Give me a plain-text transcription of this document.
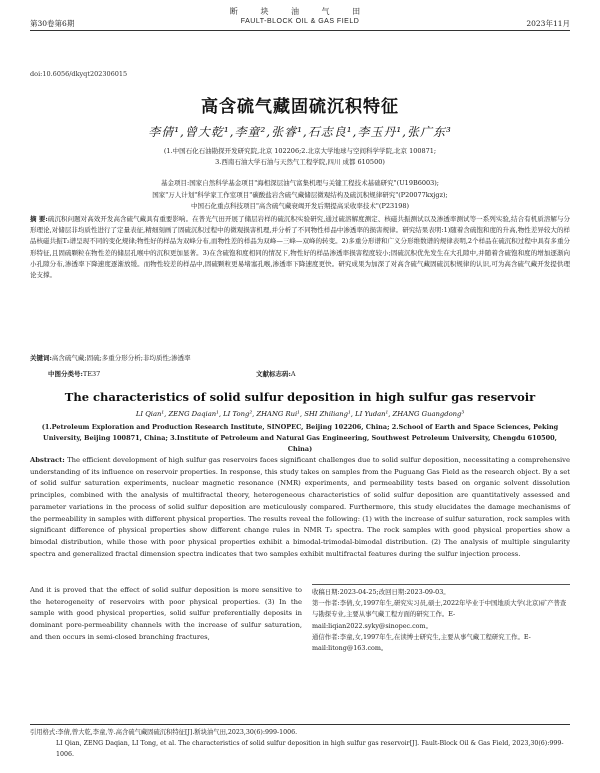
断 块 油 气 田
第30卷第6期	FAULT-BLOCK OIL & GAS FIELD	2023年11月
doi:10.6056/dkyqt202306015
高含硫气藏固硫沉积特征
李倩¹,曾大乾¹,李童²,张睿¹,石志良¹,李玉丹¹,张广东³
(1.中国石化石油勘探开发研究院,北京 102206;2.北京大学地球与空间科学学院,北京 100871;
3.西南石油大学石油与天然气工程学院,四川 成都 610500)
基金项目:国家自然科学基金项目"海相深层油气富集机理与关键工程技术基础研究"(U19B6003);
国家"万人计划"科学家工作室项目"碳酸盐岩含硫气藏储层微观结构及硫沉积规律研究"(P20077kxjgz);
中国石化重点科技项目"高含硫气藏衰竭开发后期提高采收率技术"(P23198)
摘 要:硫沉积问题对高效开发高含硫气藏具有重要影响。在普光气田开展了储层岩样的硫沉积实验研究,通过硫溶解度测定、核磁共振测试以及渗透率测试等一系列实验,结合有机质溶解与分形理论,对储层非均质性进行了定量表征,精细刻画了固硫沉积过程中的微观损害机理,并分析了不同物性样品中渗透率的损害规律。研究结果表明:1)随着含硫饱和度的升高,物性差异较大的样品核磁共振T₂谱呈现不同的变化规律;物性好的样品为双峰分布,而物性差的样品为双峰—三峰—双峰的转变。2)多重分形谱和广义分形维数谱的规律表明,2个样品在硫沉积过程中具有多重分形特征,且固硫颗粒在物性差的储层孔喉中的沉积更加显著。3)在含硫饱和度相同的情况下,物性好的样品渗透率损害程度较小;固硫沉积优先发生在大孔隙中,并随着含硫饱和度的增加逐渐向小孔隙分布,渗透率下降速度逐渐放缓。而物性较差的样品中,固硫颗粒更易堵塞孔喉,渗透率下降速度更快。研究成果为加深了对高含硫气藏固硫沉积规律的认识,可为高含硫气藏开发提供理论支撑。
关键词:高含硫气藏;固硫;多重分形分析;非均质性;渗透率
中图分类号:TE37	文献标志码:A
The characteristics of solid sulfur deposition in high sulfur gas reservoir
LI Qian¹, ZENG Daqian¹, LI Tong², ZHANG Rui¹, SHI Zhiliang¹, LI Yudan¹, ZHANG Guangdong³
(1.Petroleum Exploration and Production Research Institute, SINOPEC, Beijing 102206, China; 2.School of Earth and Space Sciences, Peking University, Beijing 100871, China; 3.Institute of Petroleum and Natural Gas Engineering, Southwest Petroleum University, Chengdu 610500, China)
Abstract: The efficient development of high sulfur gas reservoirs faces significant challenges due to solid sulfur deposition, necessitating a comprehensive understanding of its influence on reservoir properties. In response, this study takes on samples from the Puguang Gas Field as the research object. By a set of solid sulfur saturation experiments, nuclear magnetic resonance (NMR) experiments, and permeability tests based on organic solvent dissolution principles, combined with the analysis of multifractal theory, heterogeneous characteristics of solid sulfur deposition are quantitatively assessed and parameter variations in the process of solid sulfur deposition are meticulously compared. Furthermore, this study elucidates the damage mechanisms of the permeability in samples with different physical properties. The results reveal the following: (1) with the increase of sulfur saturation, rock samples with significant difference of physical properties show different change rules in NMR T₂ spectra. The rock samples with good physical properties show a bimodal distribution, while those with poor physical properties exhibit a bimodal-trimodal-bimodal distribution. (2) The analysis of multiple singularity spectra and generalized fractal dimension spectra indicates that two samples exhibit multifractal features during the sulfur injection process.
And it is proved that the effect of solid sulfur deposition is more sensitive to the heterogeneity of reservoirs with poor physical properties. (3) In the sample with good physical properties, solid sulfur preferentially deposits in dominant pore-permeability channels with the increase of sulfur saturation, and then occurs in semi-closed branching fractures,
收稿日期:2023-04-25;改回日期:2023-09-03。
第一作者:李倩,女,1997年生,研究实习员,硕士,2022年毕业于中国地质大学(北京)矿产普查与勘探专业,主要从事气藏工程方面的研究工作。E-mail:liqian2022.syky@sinopec.com。
通信作者:李童,女,1997年生,在读博士研究生,主要从事气藏工程研究工作。E-mail:litong@163.com。
引用格式:李倩,曾大乾,李童,等.高含硫气藏固硫沉积特征[J].断块油气田,2023,30(6):999-1006.
LI Qian, ZENG Daqian, LI Tong, et al. The characteristics of solid sulfur deposition in high sulfur gas reservoir[J]. Fault-Block Oil & Gas Field, 2023,30(6):999-1006.
